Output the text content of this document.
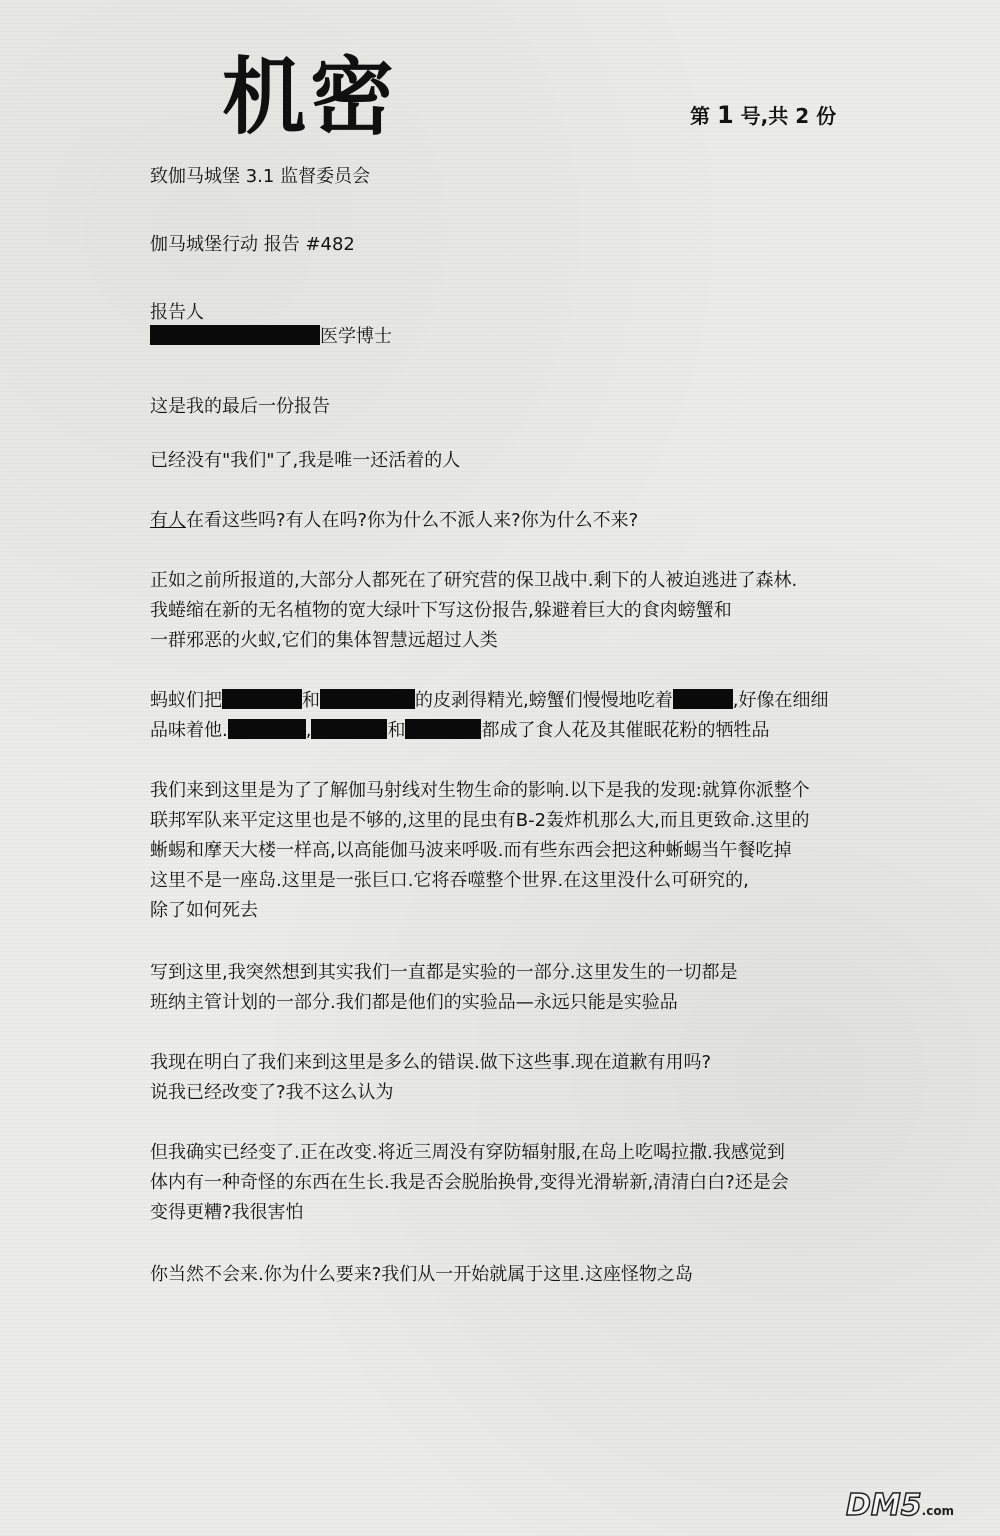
机密	第 1 号,共 2 份
致伽马城堡 3.1 监督委员会
伽马城堡行动 报告 #482
报告人
医学博士
这是我的最后一份报告
已经没有"我们"了,我是唯一还活着的人
有人在看这些吗?有人在吗?你为什么不派人来?你为什么不来?
正如之前所报道的,大部分人都死在了研究营的保卫战中.剩下的人被迫逃进了森林.
我蜷缩在新的无名植物的宽大绿叶下写这份报告,躲避着巨大的食肉螃蟹和
一群邪恶的火蚁,它们的集体智慧远超过人类
蚂蚁们把	和	的皮剥得精光,螃蟹们慢慢地吃着	,好像在细细
品味着他.	,	和	都成了食人花及其催眠花粉的牺牲品
我们来到这里是为了了解伽马射线对生物生命的影响.以下是我的发现:就算你派整个
联邦军队来平定这里也是不够的,这里的昆虫有B-2轰炸机那么大,而且更致命.这里的
蜥蜴和摩天大楼一样高,以高能伽马波来呼吸.而有些东西会把这种蜥蜴当午餐吃掉
这里不是一座岛.这里是一张巨口.它将吞噬整个世界.在这里没什么可研究的,
除了如何死去
写到这里,我突然想到其实我们一直都是实验的一部分.这里发生的一切都是
班纳主管计划的一部分.我们都是他们的实验品—永远只能是实验品
我现在明白了我们来到这里是多么的错误.做下这些事.现在道歉有用吗?
说我已经改变了?我不这么认为
但我确实已经变了.正在改变.将近三周没有穿防辐射服,在岛上吃喝拉撒.我感觉到
体内有一种奇怪的东西在生长.我是否会脱胎换骨,变得光滑崭新,清清白白?还是会
变得更糟?我很害怕
你当然不会来.你为什么要来?我们从一开始就属于这里.这座怪物之岛
DM5.com
